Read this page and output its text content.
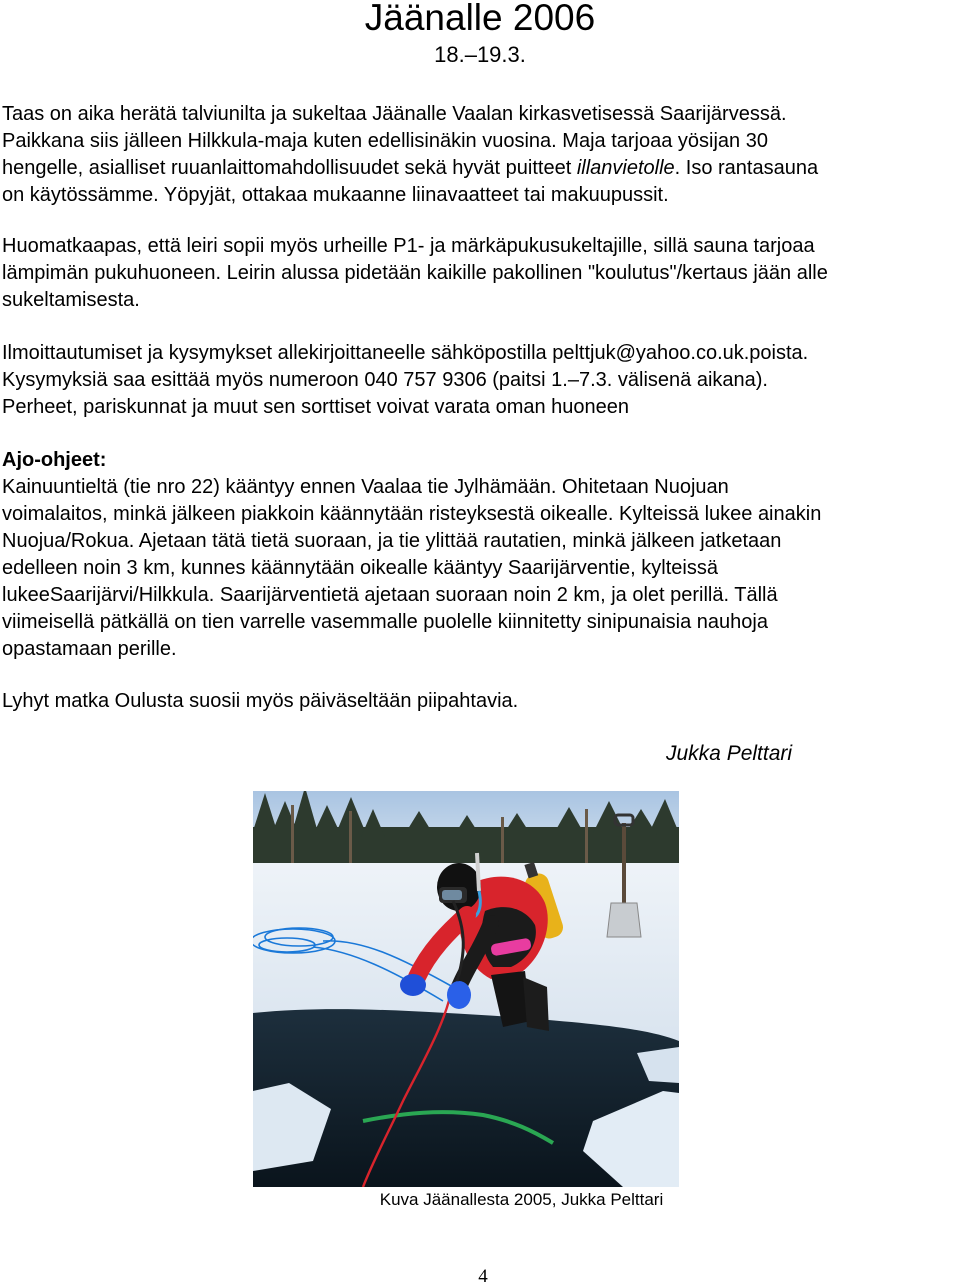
Jäänalle 2006
18.–19.3.
Taas on aika herätä talviunilta ja sukeltaa Jäänalle Vaalan kirkasvetisessä Saarijärvessä.
Paikkana siis jälleen Hilkkula-maja kuten edellisinäkin vuosina. Maja tarjoaa yösijan 30
hengelle, asialliset ruuanlaittomahdollisuudet sekä hyvät puitteet illanvietolle. Iso rantasauna
on käytössämme. Yöpyjät, ottakaa mukaanne liinavaatteet tai makuupussit.
Huomatkaapas, että leiri sopii myös urheille P1- ja märkäpukusukeltajille, sillä sauna tarjoaa
lämpimän pukuhuoneen. Leirin alussa pidetään kaikille pakollinen "koulutus"/kertaus jään alle
sukeltamisesta.
Ilmoittautumiset ja kysymykset allekirjoittaneelle sähköpostilla pelttjuk@yahoo.co.uk.poista.
Kysymyksiä saa esittää myös numeroon 040 757 9306 (paitsi 1.–7.3. välisenä aikana).
Perheet, pariskunnat ja muut sen sorttiset voivat varata oman huoneen
Ajo-ohjeet:
Kainuuntieltä (tie nro 22) kääntyy ennen Vaalaa tie Jylhämään. Ohitetaan Nuojuan
voimalaitos, minkä jälkeen piakkoin käännytään risteyksestä oikealle. Kylteissä lukee ainakin
Nuojua/Rokua. Ajetaan tätä tietä suoraan, ja tie ylittää rautatien, minkä jälkeen jatketaan
edelleen noin 3 km, kunnes käännytään oikealle kääntyy Saarijärventie, kylteissä
lukeeSaarijärvi/Hilkkula. Saarijärventietä ajetaan suoraan noin 2 km, ja olet perillä. Tällä
viimeisellä pätkällä on tien varrelle vasemmalle puolelle kiinnitetty sinipunaisia nauhoja
opastamaan perille.
Lyhyt matka Oulusta suosii myös päiväseltään piipahtavia.
Jukka Pelttari
Kuva Jäänallesta 2005, Jukka Pelttari
4
